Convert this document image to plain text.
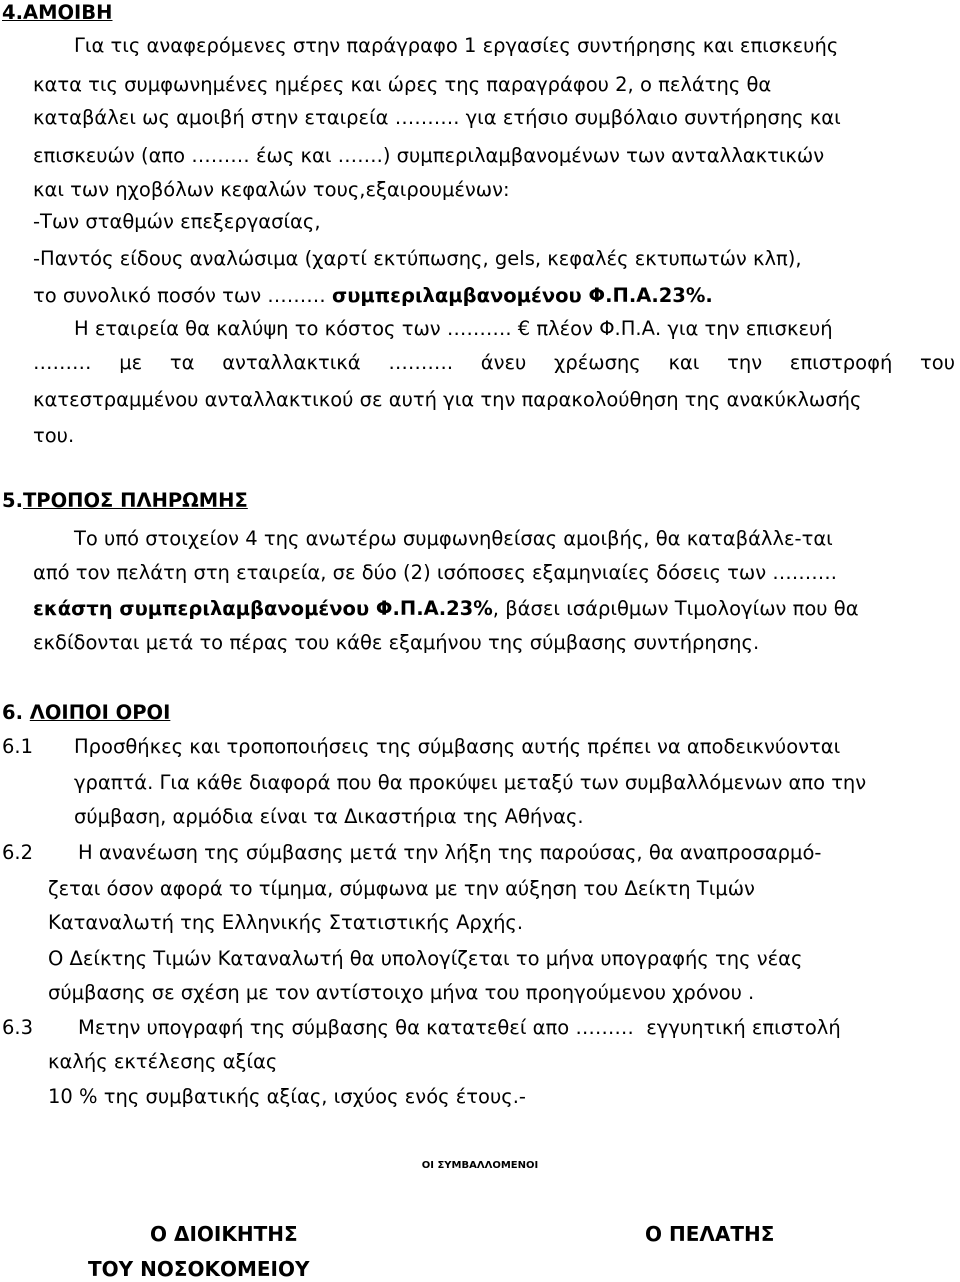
4.ΑΜΟΙΒΗ
Για τις αναφερόμενες στην παράγραφο 1 εργασίες συντήρησης και επισκευής
κατα τις συμφωνημένες ημέρες και ώρες της παραγράφου 2, ο πελάτης θα
καταβάλει ως αμοιβή στην εταιρεία ………. για ετήσιο συμβόλαιο συντήρησης και
επισκευών (απο ……… έως και …….) συμπεριλαμβανομένων των ανταλλακτικών
και των ηχοβόλων κεφαλών τους,εξαιρουμένων:
-Των σταθμών επεξεργασίας,
-Παντός είδους αναλώσιμα (χαρτί εκτύπωσης, gels, κεφαλές εκτυπωτών κλπ),
το συνολικό ποσόν των ……… συμπεριλαμβανομένου Φ.Π.Α.23%.
Η εταιρεία θα καλύψη το κόστος των ………. € πλέον Φ.Π.Α. για την επισκευή
……… με τα ανταλλακτικά ………. άνευ χρέωσης και την επιστροφή του
κατεστραμμένου ανταλλακτικού σε αυτή για την παρακολούθηση της ανακύκλωσής
του.
5.ΤΡΟΠΟΣ ΠΛΗΡΩΜΗΣ
Το υπό στοιχείον 4 της ανωτέρω συμφωνηθείσας αμοιβής, θα καταβάλλε-ται
από τον πελάτη στη εταιρεία, σε δύο (2) ισόποσες εξαμηνιαίες δόσεις των ……….
εκάστη συμπεριλαμβανομένου Φ.Π.Α.23%, βάσει ισάριθμων Τιμολογίων που θα
εκδίδονται μετά το πέρας του κάθε εξαμήνου της σύμβασης συντήρησης.
6. ΛΟΙΠΟΙ ΟΡΟΙ
6.1 Προσθήκες και τροποποιήσεις της σύμβασης αυτής πρέπει να αποδεικνύονται
γραπτά. Για κάθε διαφορά που θα προκύψει μεταξύ των συμβαλλόμενων απο την
σύμβαση, αρμόδια είναι τα Δικαστήρια της Αθήνας.
6.2 Η ανανέωση της σύμβασης μετά την λήξη της παρούσας, θα αναπροσαρμό-
ζεται όσον αφορά το τίμημα, σύμφωνα με την αύξηση του Δείκτη Τιμών
Καταναλωτή της Ελληνικής Στατιστικής Αρχής.
Ο Δείκτης Τιμών Καταναλωτή θα υπολογίζεται το μήνα υπογραφής της νέας
σύμβασης σε σχέση με τον αντίστοιχο μήνα του προηγούμενου χρόνου .
6.3 Μετην υπογραφή της σύμβασης θα κατατεθεί απο ………  εγγυητική επιστολή
καλής εκτέλεσης αξίας
10 % της συμβατικής αξίας, ισχύος ενός έτους.-
ΟΙ ΣΥΜΒΑΛΛΟΜΕΝΟΙ
Ο ΔΙΟΙΚΗΤΗΣ
ΤΟΥ ΝΟΣΟΚΟΜΕΙΟΥ
Ο ΠΕΛΑΤΗΣ
